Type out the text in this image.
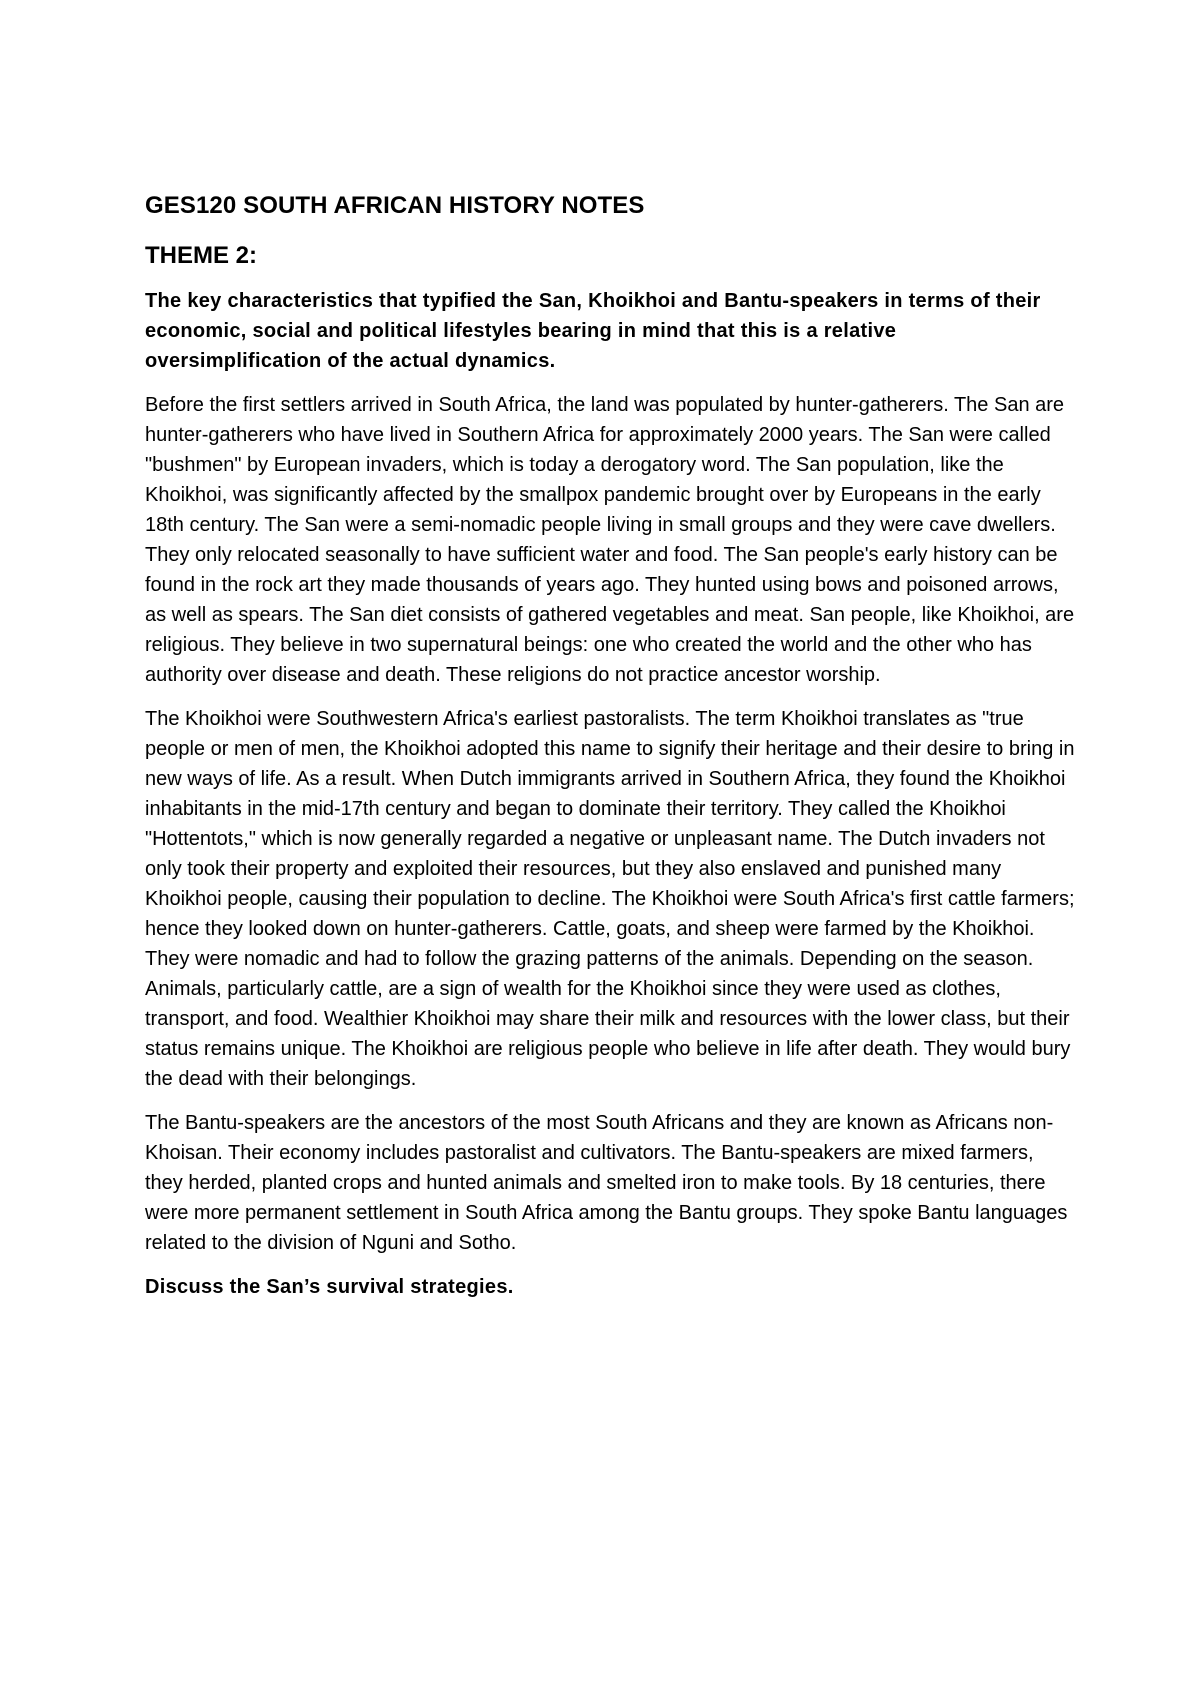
GES120 SOUTH AFRICAN HISTORY NOTES
THEME 2:

The key characteristics that typified the San, Khoikhoi and Bantu-speakers in terms of their economic, social and political lifestyles bearing in mind that this is a relative oversimplification of the actual dynamics.

Before the first settlers arrived in South Africa, the land was populated by hunter-gatherers. The San are hunter-gatherers who have lived in Southern Africa for approximately 2000 years. The San were called "bushmen" by European invaders, which is today a derogatory word. The San population, like the Khoikhoi, was significantly affected by the smallpox pandemic brought over by Europeans in the early 18th century. The San were a semi-nomadic people living in small groups and they were cave dwellers. They only relocated seasonally to have sufficient water and food. The San people's early history can be found in the rock art they made thousands of years ago. They hunted using bows and poisoned arrows, as well as spears. The San diet consists of gathered vegetables and meat. San people, like Khoikhoi, are religious. They believe in two supernatural beings: one who created the world and the other who has authority over disease and death. These religions do not practice ancestor worship.

The Khoikhoi were Southwestern Africa's earliest pastoralists. The term Khoikhoi translates as "true people or men of men, the Khoikhoi adopted this name to signify their heritage and their desire to bring in new ways of life. As a result. When Dutch immigrants arrived in Southern Africa, they found the Khoikhoi inhabitants in the mid-17th century and began to dominate their territory. They called the Khoikhoi "Hottentots," which is now generally regarded a negative or unpleasant name. The Dutch invaders not only took their property and exploited their resources, but they also enslaved and punished many Khoikhoi people, causing their population to decline. The Khoikhoi were South Africa's first cattle farmers; hence they looked down on hunter-gatherers. Cattle, goats, and sheep were farmed by the Khoikhoi. They were nomadic and had to follow the grazing patterns of the animals. Depending on the season. Animals, particularly cattle, are a sign of wealth for the Khoikhoi since they were used as clothes, transport, and food. Wealthier Khoikhoi may share their milk and resources with the lower class, but their status remains unique. The Khoikhoi are religious people who believe in life after death. They would bury the dead with their belongings.

The Bantu-speakers are the ancestors of the most South Africans and they are known as Africans non-Khoisan. Their economy includes pastoralist and cultivators. The Bantu-speakers are mixed farmers, they herded, planted crops and hunted animals and smelted iron to make tools. By 18 centuries, there were more permanent settlement in South Africa among the Bantu groups. They spoke Bantu languages related to the division of Nguni and Sotho.

Discuss the San’s survival strategies.
